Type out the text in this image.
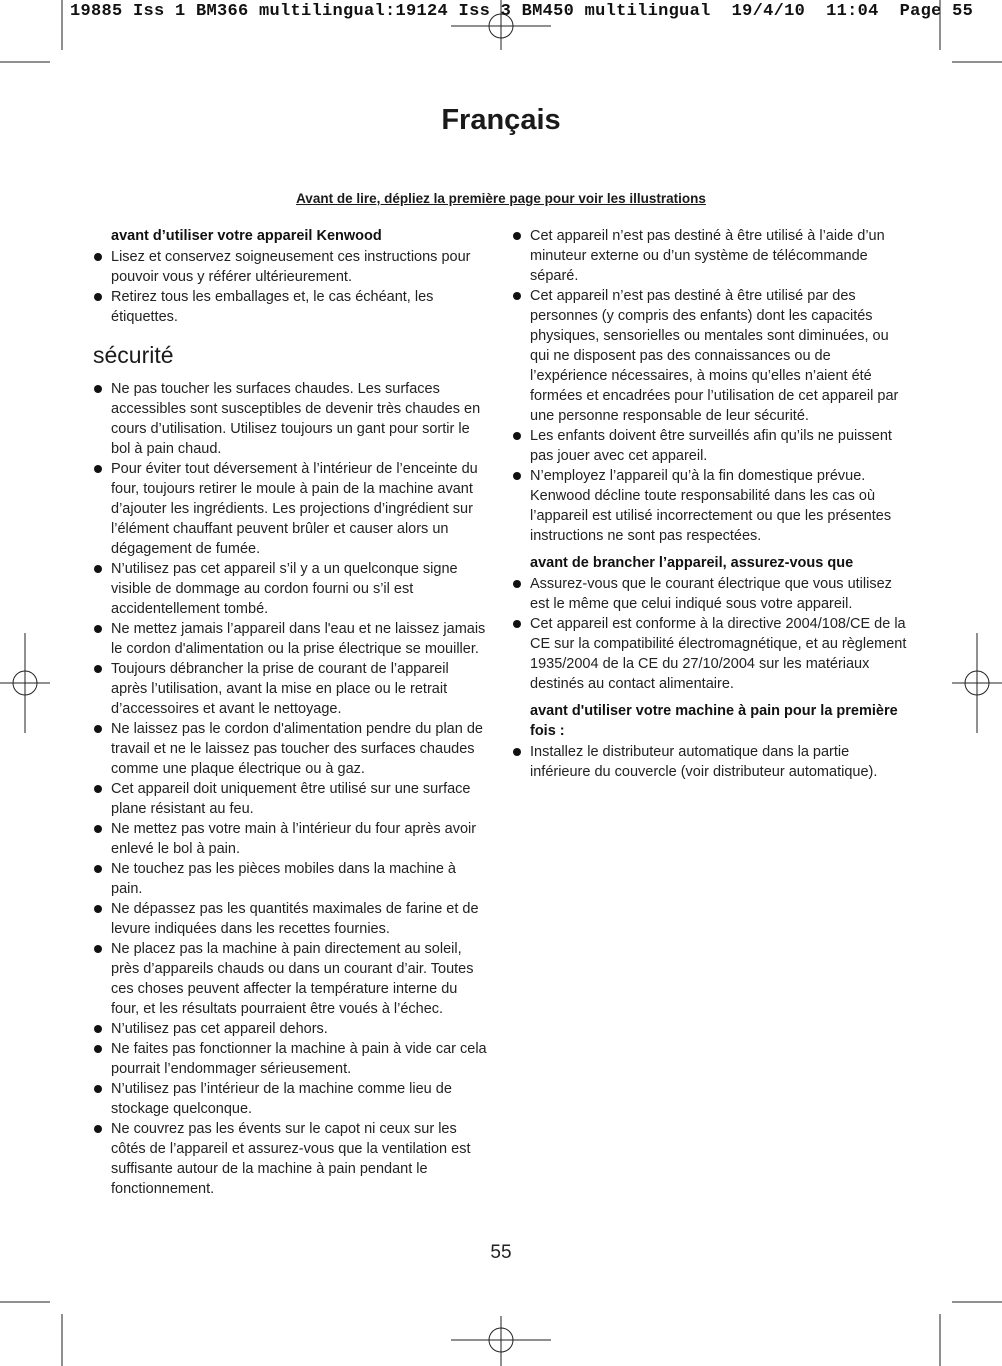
19885 Iss 1 BM366 multilingual:19124 Iss 3 BM450 multilingual  19/4/10  11:04  Page 55
Français
Avant de lire, dépliez la première page pour voir les illustrations
avant d’utiliser votre appareil Kenwood
Lisez et conservez soigneusement ces instructions pour pouvoir vous y référer ultérieurement.
Retirez tous les emballages et, le cas échéant, les étiquettes.
sécurité
Ne pas toucher les surfaces chaudes. Les surfaces accessibles sont susceptibles de devenir très chaudes en cours d’utilisation. Utilisez toujours un gant pour sortir le bol à pain chaud.
Pour éviter tout déversement à l’intérieur de l’enceinte du four, toujours retirer le moule à pain de la machine avant d’ajouter les ingrédients. Les projections d’ingrédient sur l’élément chauffant peuvent brûler et causer alors un dégagement de fumée.
N’utilisez pas cet appareil s’il y a un quelconque signe visible de dommage au cordon fourni ou s’il est accidentellement tombé.
Ne mettez jamais l’appareil dans l'eau et ne laissez jamais le cordon d'alimentation ou la prise électrique se mouiller.
Toujours débrancher la prise de courant de l’appareil après l’utilisation, avant la mise en place ou le retrait d’accessoires et avant le nettoyage.
Ne laissez pas le cordon d'alimentation pendre du plan de travail et ne le laissez pas toucher des surfaces chaudes comme une plaque électrique ou à gaz.
Cet appareil doit uniquement être utilisé sur une surface plane résistant au feu.
Ne mettez pas votre main à l’intérieur du four après avoir enlevé le bol à pain.
Ne touchez pas les pièces mobiles dans la machine à pain.
Ne dépassez pas les quantités maximales de farine et de levure indiquées dans les recettes fournies.
Ne placez pas la machine à pain directement au soleil, près d’appareils chauds ou dans un courant d’air. Toutes ces choses peuvent affecter la température interne du four, et les résultats pourraient être voués à l’échec.
N’utilisez pas cet appareil dehors.
Ne faites pas fonctionner la machine à pain à vide car cela pourrait l’endommager sérieusement.
N’utilisez pas l’intérieur de la machine comme lieu de stockage quelconque.
Ne couvrez pas les évents sur le capot ni ceux sur les côtés de l’appareil et assurez-vous que la ventilation est suffisante autour de la machine à pain pendant le fonctionnement.
Cet appareil n’est pas destiné à être utilisé à l’aide d’un minuteur externe ou d’un système de télécommande séparé.
Cet appareil n’est pas destiné à être utilisé par des personnes (y compris des enfants) dont les capacités physiques, sensorielles ou mentales sont diminuées, ou qui ne disposent pas des connaissances ou de l’expérience nécessaires, à moins qu’elles n’aient été formées et encadrées pour l’utilisation de cet appareil par une personne responsable de leur sécurité.
Les enfants doivent être surveillés afin qu’ils ne puissent pas jouer avec cet appareil.
N’employez l’appareil qu’à la fin domestique prévue. Kenwood décline toute responsabilité dans les cas où l’appareil est utilisé incorrectement ou que les présentes instructions ne sont pas respectées.
avant de brancher l’appareil, assurez-vous que
Assurez-vous que le courant électrique que vous utilisez est le même que celui indiqué sous votre appareil.
Cet appareil est conforme à la directive 2004/108/CE de la CE sur la compatibilité électromagnétique, et au règlement 1935/2004 de la CE du 27/10/2004 sur les matériaux destinés au contact alimentaire.
avant d'utiliser votre machine à pain pour la première fois :
Installez le distributeur automatique dans la partie inférieure du couvercle (voir distributeur automatique).
55
